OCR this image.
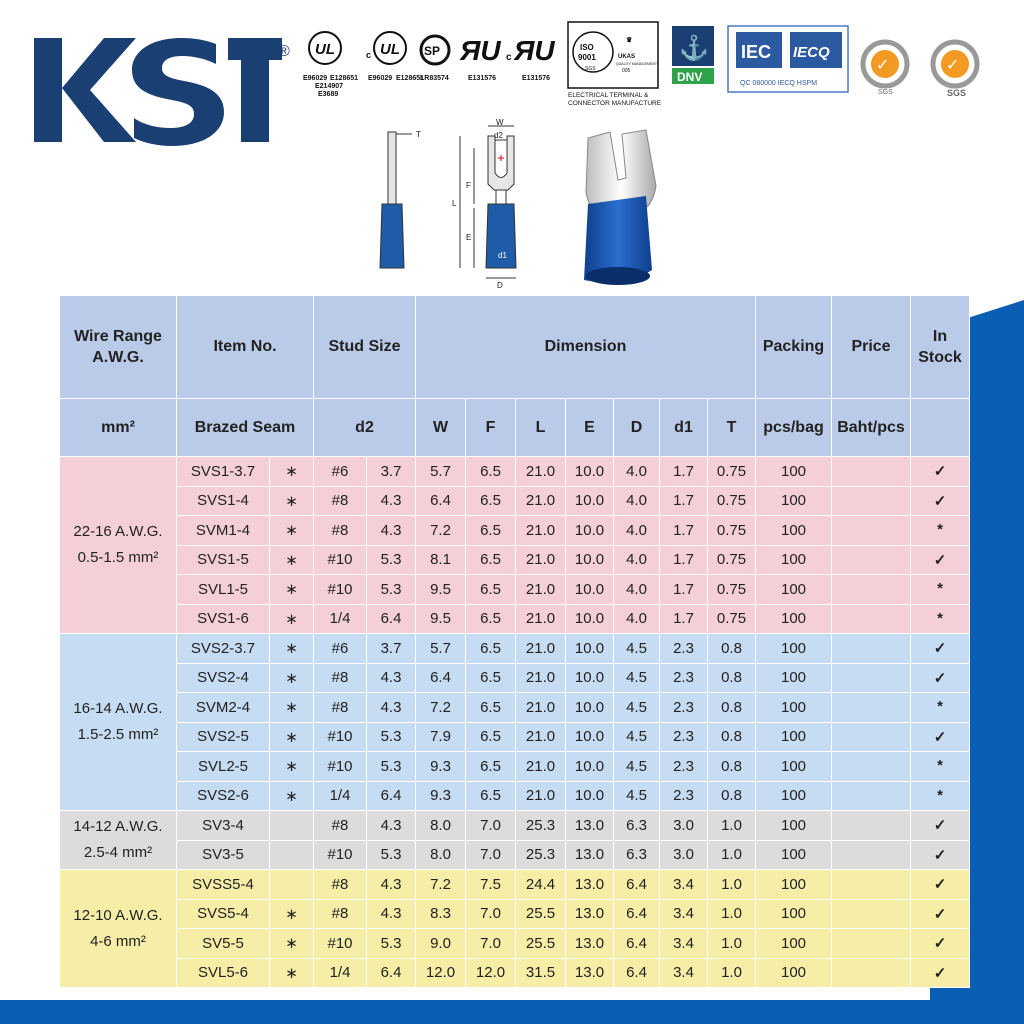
® UL
E96029 E128651
E214907
E3689
c UL
E96029 E128651
SP
LR83574
ЯU
E131576
c ЯU
E131576
ISO
9001
SGS
♛
UKAS
QUALITY MANAGEMENT
005
ELECTRICAL TERMINAL &
CONNECTOR MANUFACTURE
⚓
DNV
IEC IECQ
QC 080000 IECQ HSPM
✓
SGS
✓
SGS
T
W
d2
L
F
E
d1
D
Wire Range A.W.G.	Item No.		Stud Size		Dimension							Packing	Price	In Stock
mm²	Brazed Seam		d2		W	F	L	E	D	d1	T	pcs/bag	Baht/pcs	

22-16 A.W.G.
0.5-1.5 mm²	SVS1-3.7	∗	#6	3.7	5.7	6.5	21.0	10.0	4.0	1.7	0.75	100		✓
	SVS1-4	∗	#8	4.3	6.4	6.5	21.0	10.0	4.0	1.7	0.75	100		✓
	SVM1-4	∗	#8	4.3	7.2	6.5	21.0	10.0	4.0	1.7	0.75	100		*
	SVS1-5	∗	#10	5.3	8.1	6.5	21.0	10.0	4.0	1.7	0.75	100		✓
	SVL1-5	∗	#10	5.3	9.5	6.5	21.0	10.0	4.0	1.7	0.75	100		*
	SVS1-6	∗	1/4	6.4	9.5	6.5	21.0	10.0	4.0	1.7	0.75	100		*

16-14 A.W.G.
1.5-2.5 mm²	SVS2-3.7	∗	#6	3.7	5.7	6.5	21.0	10.0	4.5	2.3	0.8	100		✓
	SVS2-4	∗	#8	4.3	6.4	6.5	21.0	10.0	4.5	2.3	0.8	100		✓
	SVM2-4	∗	#8	4.3	7.2	6.5	21.0	10.0	4.5	2.3	0.8	100		*
	SVS2-5	∗	#10	5.3	7.9	6.5	21.0	10.0	4.5	2.3	0.8	100		✓
	SVL2-5	∗	#10	5.3	9.3	6.5	21.0	10.0	4.5	2.3	0.8	100		*
	SVS2-6	∗	1/4	6.4	9.3	6.5	21.0	10.0	4.5	2.3	0.8	100		*

14-12 A.W.G.
2.5-4 mm²	SV3-4		#8	4.3	8.0	7.0	25.3	13.0	6.3	3.0	1.0	100		✓
	SV3-5		#10	5.3	8.0	7.0	25.3	13.0	6.3	3.0	1.0	100		✓

12-10 A.W.G.
4-6 mm²	SVSS5-4		#8	4.3	7.2	7.5	24.4	13.0	6.4	3.4	1.0	100		✓
	SVS5-4	∗	#8	4.3	8.3	7.0	25.5	13.0	6.4	3.4	1.0	100		✓
	SV5-5	∗	#10	5.3	9.0	7.0	25.5	13.0	6.4	3.4	1.0	100		✓
	SVL5-6	∗	1/4	6.4	12.0	12.0	31.5	13.0	6.4	3.4	1.0	100		✓
